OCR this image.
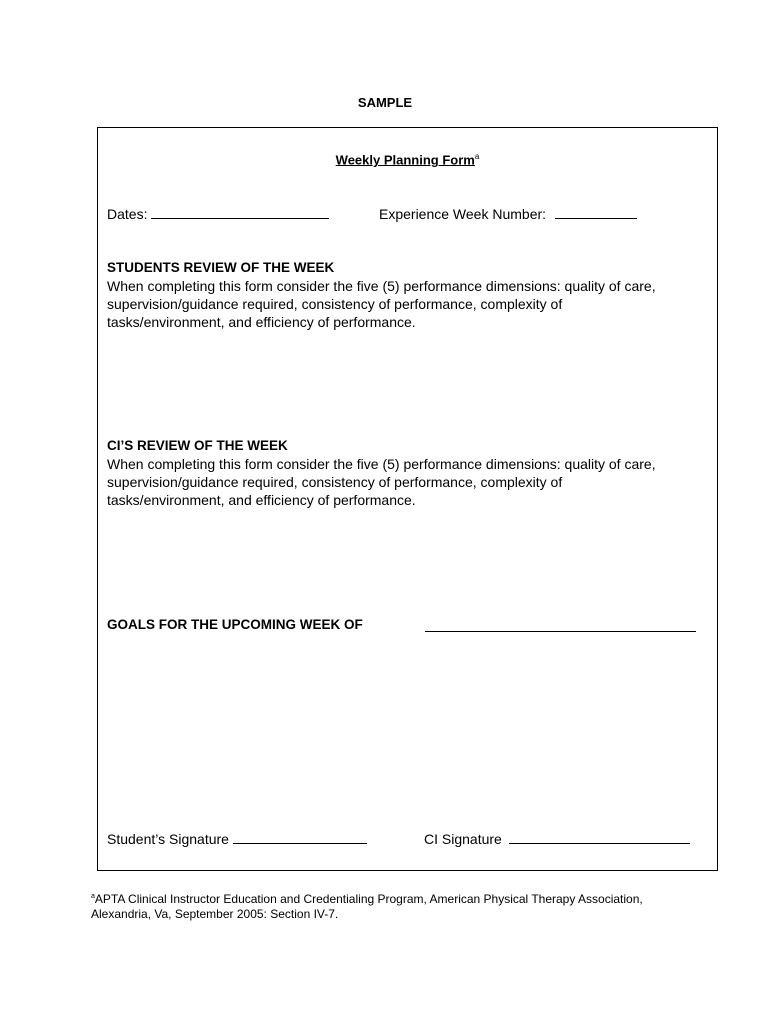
SAMPLE
Weekly Planning Form$^a$
Dates:	Experience Week Number:
STUDENTS REVIEW OF THE WEEK
When completing this form consider the five (5) performance dimensions: quality of care,
supervision/guidance required, consistency of performance, complexity of
tasks/environment, and efficiency of performance.
CI’S REVIEW OF THE WEEK
When completing this form consider the five (5) performance dimensions: quality of care,
supervision/guidance required, consistency of performance, complexity of
tasks/environment, and efficiency of performance.
GOALS FOR THE UPCOMING WEEK OF
Student’s Signature	CI Signature
$^a$APTA Clinical Instructor Education and Credentialing Program, American Physical Therapy Association,
Alexandria, Va, September 2005: Section IV-7.
